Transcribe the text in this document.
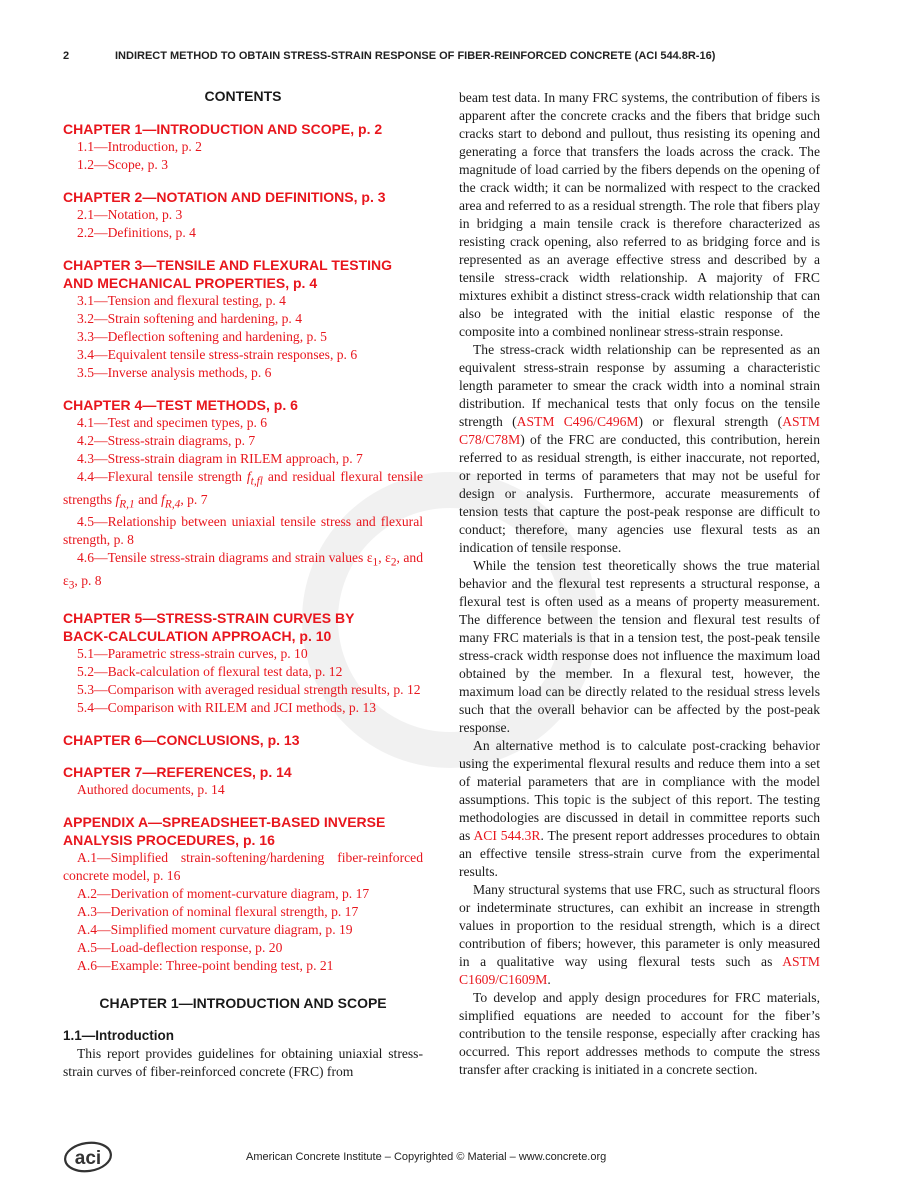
2	INDIRECT METHOD TO OBTAIN STRESS-STRAIN RESPONSE OF FIBER-REINFORCED CONCRETE (ACI 544.8R-16)
CONTENTS

CHAPTER 1—INTRODUCTION AND SCOPE, p. 2

1.1—Introduction, p. 2

1.2—Scope, p. 3

CHAPTER 2—NOTATION AND DEFINITIONS, p. 3

2.1—Notation, p. 3

2.2—Definitions, p. 4

CHAPTER 3—TENSILE AND FLEXURAL TESTING
AND MECHANICAL PROPERTIES, p. 4

3.1—Tension and flexural testing, p. 4

3.2—Strain softening and hardening, p. 4

3.3—Deflection softening and hardening, p. 5

3.4—Equivalent tensile stress-strain responses, p. 6

3.5—Inverse analysis methods, p. 6

CHAPTER 4—TEST METHODS, p. 6

4.1—Test and specimen types, p. 6

4.2—Stress-strain diagrams, p. 7

4.3—Stress-strain diagram in RILEM approach, p. 7

4.4—Flexural tensile strength $f_{t,fl}$ and residual flexural tensile strengths $f_{R,1}$ and $f_{R,4}$, p. 7

4.5—Relationship between uniaxial tensile stress and flexural strength, p. 8

4.6—Tensile stress-strain diagrams and strain values $\varepsilon_1$, $\varepsilon_2$, and $\varepsilon_3$, p. 8

CHAPTER 5—STRESS-STRAIN CURVES BY
BACK-CALCULATION APPROACH, p. 10

5.1—Parametric stress-strain curves, p. 10

5.2—Back-calculation of flexural test data, p. 12

5.3—Comparison with averaged residual strength results, p. 12

5.4—Comparison with RILEM and JCI methods, p. 13

CHAPTER 6—CONCLUSIONS, p. 13

CHAPTER 7—REFERENCES, p. 14

Authored documents, p. 14

APPENDIX A—SPREADSHEET-BASED INVERSE
ANALYSIS PROCEDURES, p. 16

A.1—Simplified strain-softening/hardening fiber-reinforced concrete model, p. 16

A.2—Derivation of moment-curvature diagram, p. 17

A.3—Derivation of nominal flexural strength, p. 17

A.4—Simplified moment curvature diagram, p. 19

A.5—Load-deflection response, p. 20

A.6—Example: Three-point bending test, p. 21

CHAPTER 1—INTRODUCTION AND SCOPE

1.1—Introduction

This report provides guidelines for obtaining uniaxial stress-strain curves of fiber-reinforced concrete (FRC) from

beam test data. In many FRC systems, the contribution of fibers is apparent after the concrete cracks and the fibers that bridge such cracks start to debond and pullout, thus resisting its opening and generating a force that transfers the loads across the crack. The magnitude of load carried by the fibers depends on the opening of the crack width; it can be normalized with respect to the cracked area and referred to as a residual strength. The role that fibers play in bridging a main tensile crack is therefore characterized as resisting crack opening, also referred to as bridging force and is represented as an average effective stress and described by a tensile stress-crack width relationship. A majority of FRC mixtures exhibit a distinct stress-crack width relationship that can also be integrated with the initial elastic response of the composite into a combined nonlinear stress-strain response.

The stress-crack width relationship can be represented as an equivalent stress-strain response by assuming a characteristic length parameter to smear the crack width into a nominal strain distribution. If mechanical tests that only focus on the tensile strength (ASTM C496/C496M) or flexural strength (ASTM C78/C78M) of the FRC are conducted, this contribution, herein referred to as residual strength, is either inaccurate, not reported, or reported in terms of parameters that may not be useful for design or analysis. Furthermore, accurate measurements of tension tests that capture the post-peak response are difficult to conduct; therefore, many agencies use flexural tests as an indication of tensile response.

While the tension test theoretically shows the true material behavior and the flexural test represents a structural response, a flexural test is often used as a means of property measurement. The difference between the tension and flexural test results of many FRC materials is that in a tension test, the post-peak tensile stress-crack width response does not influence the maximum load obtained by the member. In a flexural test, however, the maximum load can be directly related to the residual stress levels such that the overall behavior can be affected by the post-peak response.

An alternative method is to calculate post-cracking behavior using the experimental flexural results and reduce them into a set of material parameters that are in compliance with the model assumptions. This topic is the subject of this report. The testing methodologies are discussed in detail in committee reports such as ACI 544.3R. The present report addresses procedures to obtain an effective tensile stress-strain curve from the experimental results.

Many structural systems that use FRC, such as structural floors or indeterminate structures, can exhibit an increase in strength values in proportion to the residual strength, which is a direct contribution of fibers; however, this parameter is only measured in a qualitative way using flexural tests such as ASTM C1609/C1609M.

To develop and apply design procedures for FRC materials, simplified equations are needed to account for the fiber’s contribution to the tensile response, especially after cracking has occurred. This report addresses methods to compute the stress transfer after cracking is initiated in a concrete section.

aci	American Concrete Institute – Copyrighted © Material – www.concrete.org
